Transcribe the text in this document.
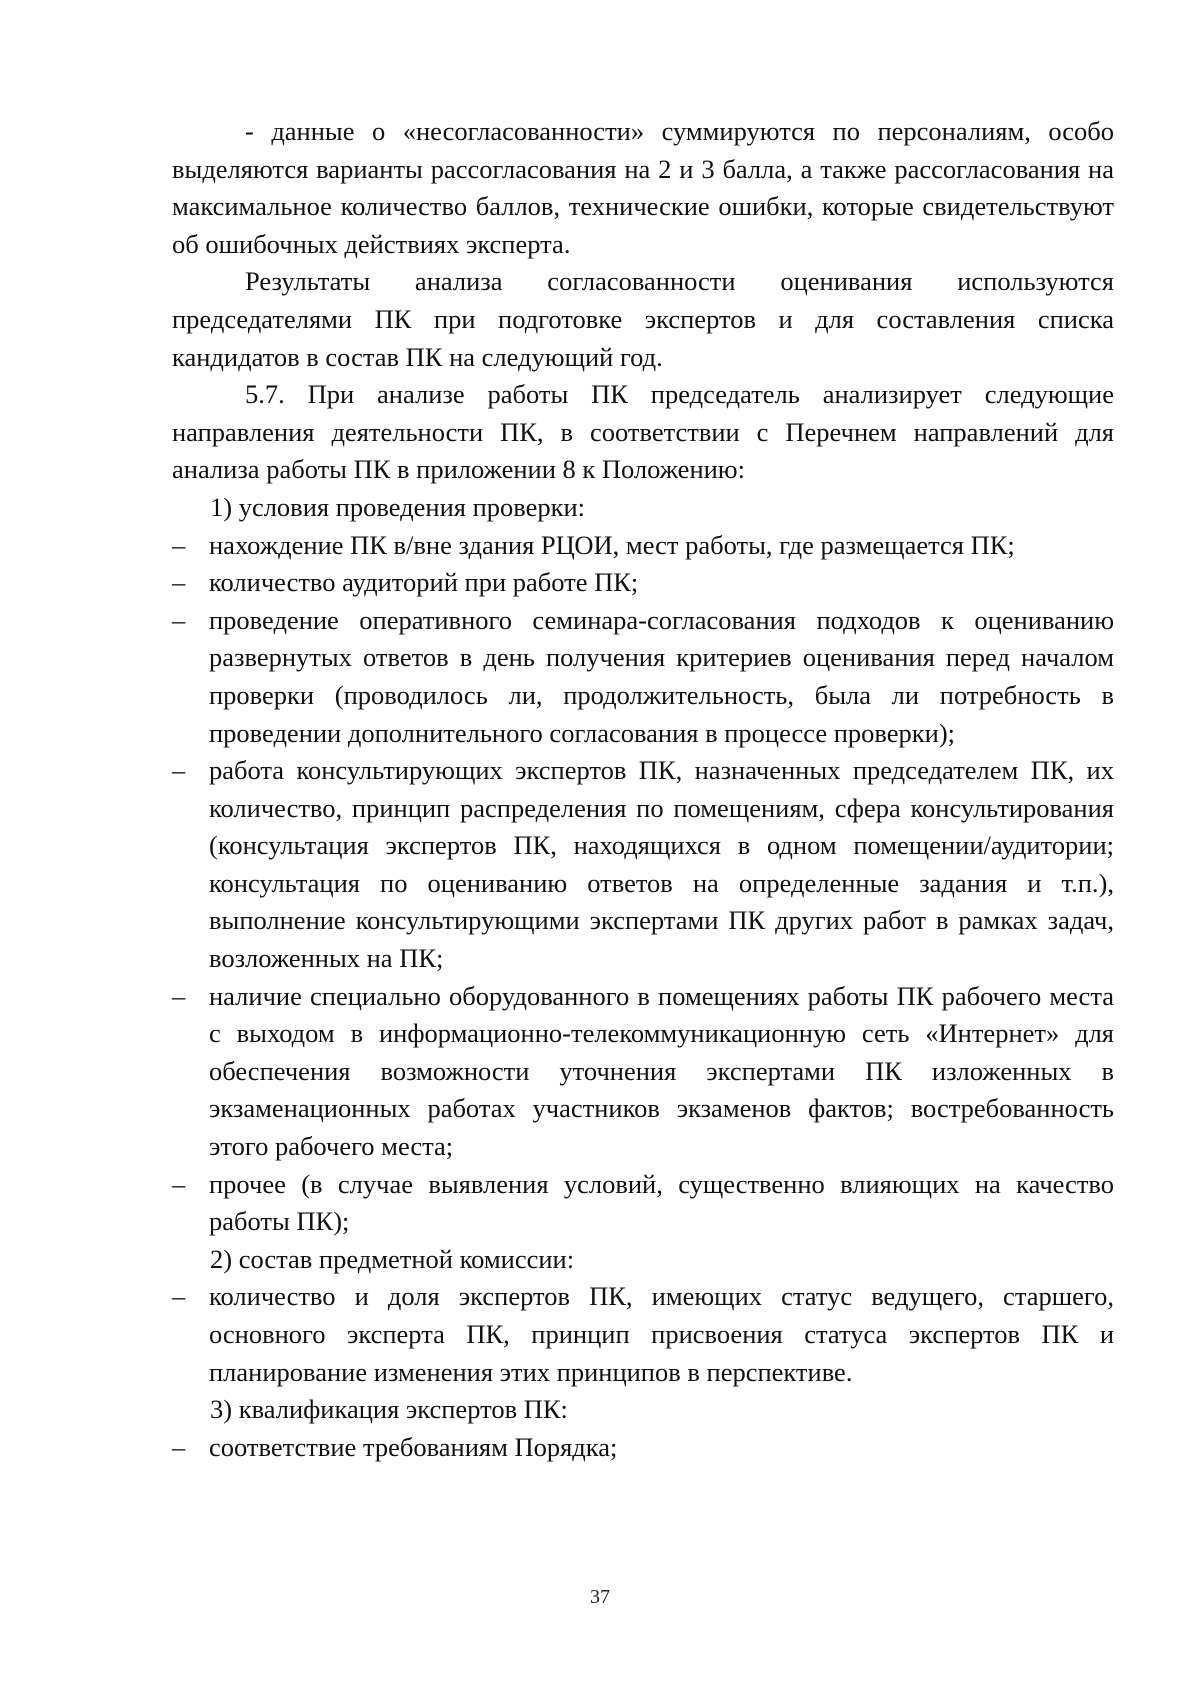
- данные о «несогласованности» суммируются по персоналиям, особо выделяются варианты рассогласования на 2 и 3 балла, а также рассогласования на максимальное количество баллов, технические ошибки, которые свидетельствуют об ошибочных действиях эксперта.

Результаты анализа согласованности оценивания используются председателями ПК при подготовке экспертов и для составления списка кандидатов в состав ПК на следующий год.

5.7. При анализе работы ПК председатель анализирует следующие направления деятельности ПК, в соответствии с Перечнем направлений для анализа работы ПК в приложении 8 к Положению:

1) условия проведения проверки:

– нахождение ПК в/вне здания РЦОИ, мест работы, где размещается ПК;

– количество аудиторий при работе ПК;

– проведение оперативного семинара-согласования подходов к оцениванию развернутых ответов в день получения критериев оценивания перед началом проверки (проводилось ли, продолжительность, была ли потребность в проведении дополнительного согласования в процессе проверки);

– работа консультирующих экспертов ПК, назначенных председателем ПК, их количество, принцип распределения по помещениям, сфера консультирования (консультация экспертов ПК, находящихся в одном помещении/аудитории; консультация по оцениванию ответов на определенные задания и т.п.), выполнение консультирующими экспертами ПК других работ в рамках задач, возложенных на ПК;

– наличие специально оборудованного в помещениях работы ПК рабочего места с выходом в информационно-телекоммуникационную сеть «Интернет» для обеспечения возможности уточнения экспертами ПК изложенных в экзаменационных работах участников экзаменов фактов; востребованность этого рабочего места;

– прочее (в случае выявления условий, существенно влияющих на качество работы ПК);

2) состав предметной комиссии:

– количество и доля экспертов ПК, имеющих статус ведущего, старшего, основного эксперта ПК, принцип присвоения статуса экспертов ПК и планирование изменения этих принципов в перспективе.

3) квалификация экспертов ПК:

– соответствие требованиям Порядка;

37
